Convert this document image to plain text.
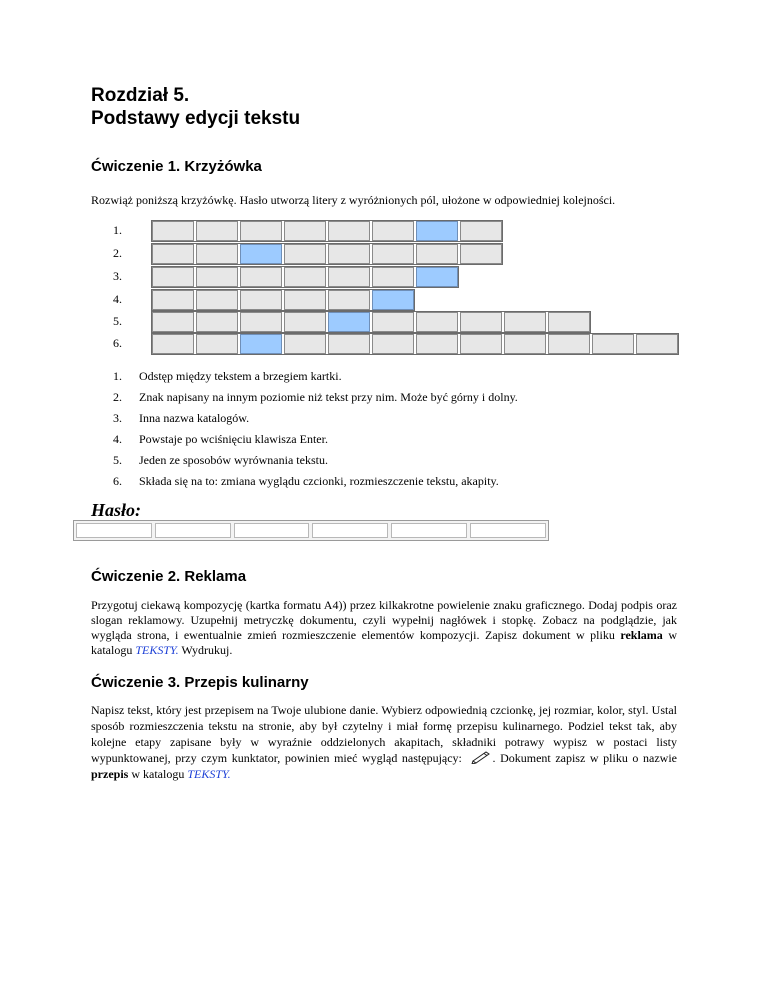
Rozdział 5.
Podstawy edycji tekstu
Ćwiczenie 1. Krzyżówka

Rozwiąż poniższą krzyżówkę. Hasło utworzą litery z wyróżnionych pól, ułożone w odpowiedniej kolejności.

1.
2.
3.
4.
5.
6.
1. Odstęp między tekstem a brzegiem kartki.
2. Znak napisany na innym poziomie niż tekst przy nim. Może być górny i dolny.
3. Inna nazwa katalogów.
4. Powstaje po wciśnięciu klawisza Enter.
5. Jeden ze sposobów wyrównania tekstu.
6. Składa się na to: zmiana wyglądu czcionki, rozmieszczenie tekstu, akapity.
Hasło:
Ćwiczenie 2. Reklama

Przygotuj ciekawą kompozycję (kartka formatu A4)) przez kilkakrotne powielenie znaku graficznego. Dodaj podpis oraz slogan reklamowy. Uzupełnij metryczkę dokumentu, czyli wypełnij nagłówek i stopkę. Zobacz na podglądzie, jak wygląda strona, i ewentualnie zmień rozmieszczenie elementów kompozycji. Zapisz dokument w pliku reklama w katalogu TEKSTY. Wydrukuj.

Ćwiczenie 3. Przepis kulinarny

Napisz tekst, który jest przepisem na Twoje ulubione danie. Wybierz odpowiednią czcionkę, jej rozmiar, kolor, styl. Ustal sposób rozmieszczenia tekstu na stronie, aby był czytelny i miał formę przepisu kulinarnego. Podziel tekst tak, aby kolejne etapy zapisane były w wyraźnie oddzielonych akapitach, składniki potrawy wypisz w postaci listy wypunktowanej, przy czym kunktator, powinien mieć wygląd następujący: . Dokument zapisz w pliku o nazwie przepis w katalogu TEKSTY.
